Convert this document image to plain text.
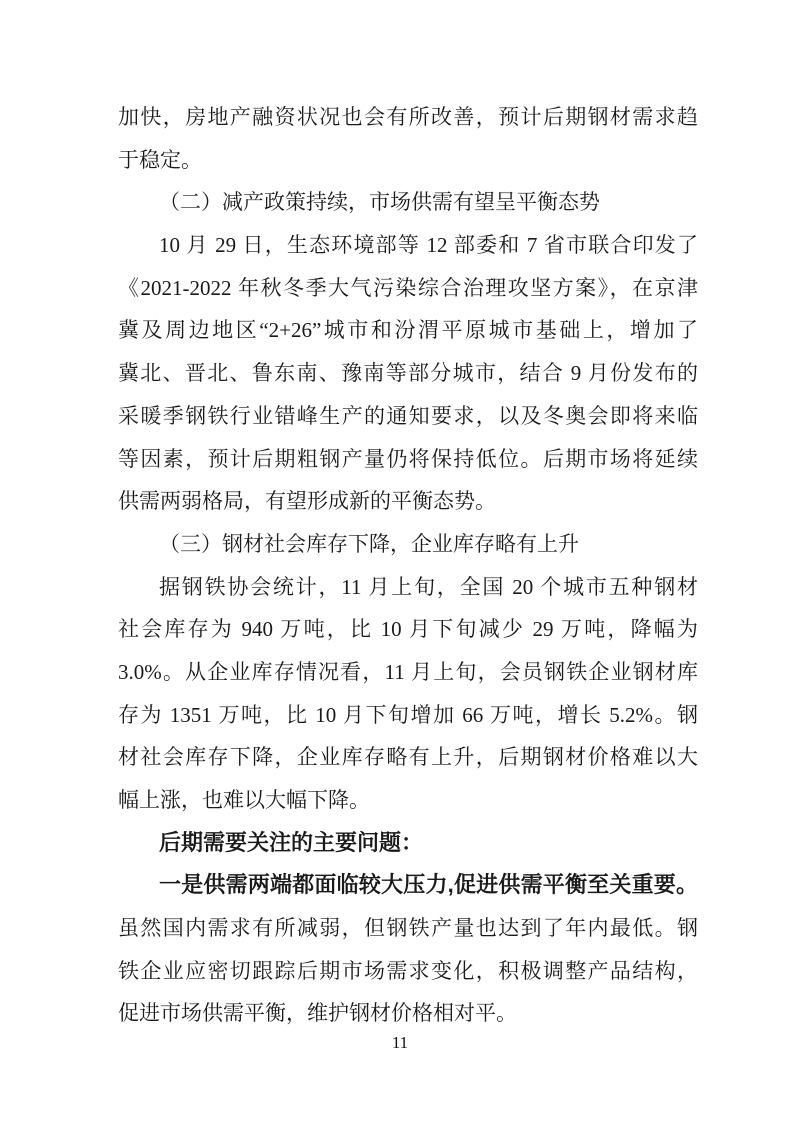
加快，房地产融资状况也会有所改善，预计后期钢材需求趋
于稳定。
（二）减产政策持续，市场供需有望呈平衡态势
10 月 29 日，生态环境部等 12 部委和 7 省市联合印发了
《2021-2022 年秋冬季大气污染综合治理攻坚方案》，在京津
冀及周边地区“2+26”城市和汾渭平原城市基础上，增加了
冀北、晋北、鲁东南、豫南等部分城市，结合 9 月份发布的
采暖季钢铁行业错峰生产的通知要求，以及冬奥会即将来临
等因素，预计后期粗钢产量仍将保持低位。后期市场将延续
供需两弱格局，有望形成新的平衡态势。
（三）钢材社会库存下降，企业库存略有上升
据钢铁协会统计，11 月上旬，全国 20 个城市五种钢材
社会库存为 940 万吨，比 10 月下旬减少 29 万吨，降幅为
3.0%。从企业库存情况看，11 月上旬，会员钢铁企业钢材库
存为 1351 万吨，比 10 月下旬增加 66 万吨，增长 5.2%。钢
材社会库存下降，企业库存略有上升，后期钢材价格难以大
幅上涨，也难以大幅下降。
后期需要关注的主要问题：
一是供需两端都面临较大压力,促进供需平衡至关重要。
虽然国内需求有所减弱，但钢铁产量也达到了年内最低。钢
铁企业应密切跟踪后期市场需求变化，积极调整产品结构，
促进市场供需平衡，维护钢材价格相对平。
11
